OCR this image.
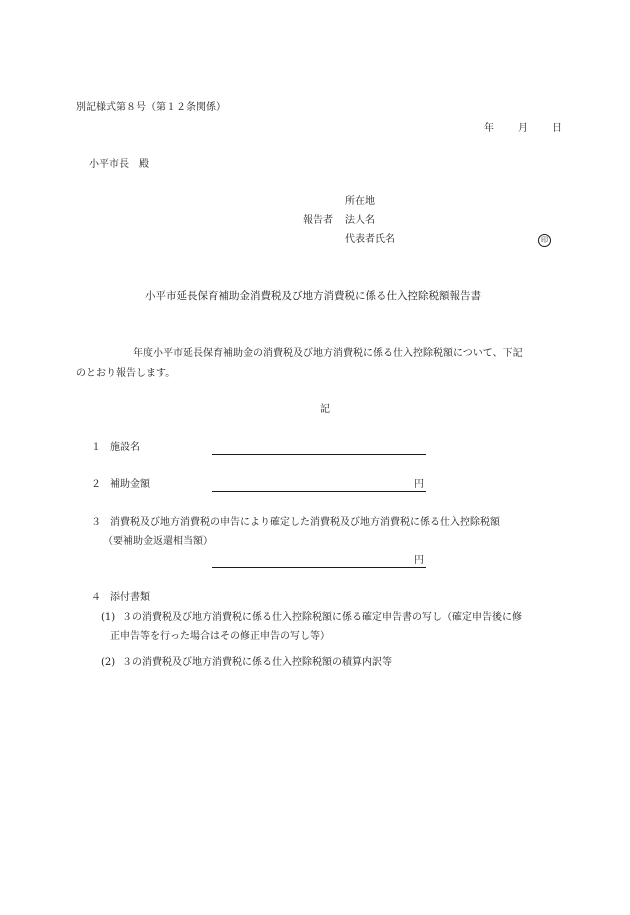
別記様式第８号（第１２条関係）
年 月 日
小平市長　殿
所在地
報告者 法人名
代表者氏名	印
小平市延長保育補助金消費税及び地方消費税に係る仕入控除税額報告書
年度小平市延長保育補助金の消費税及び地方消費税に係る仕入控除税額について、下記
のとおり報告します。
記
１ 施設名
２ 補助金額	円
３ 消費税及び地方消費税の申告により確定した消費税及び地方消費税に係る仕入控除税額
（要補助金返還相当額）
円
４ 添付書類
(1) ３の消費税及び地方消費税に係る仕入控除税額に係る確定申告書の写し（確定申告後に修
正申告等を行った場合はその修正申告の写し等）
(2) ３の消費税及び地方消費税に係る仕入控除税額の積算内訳等
